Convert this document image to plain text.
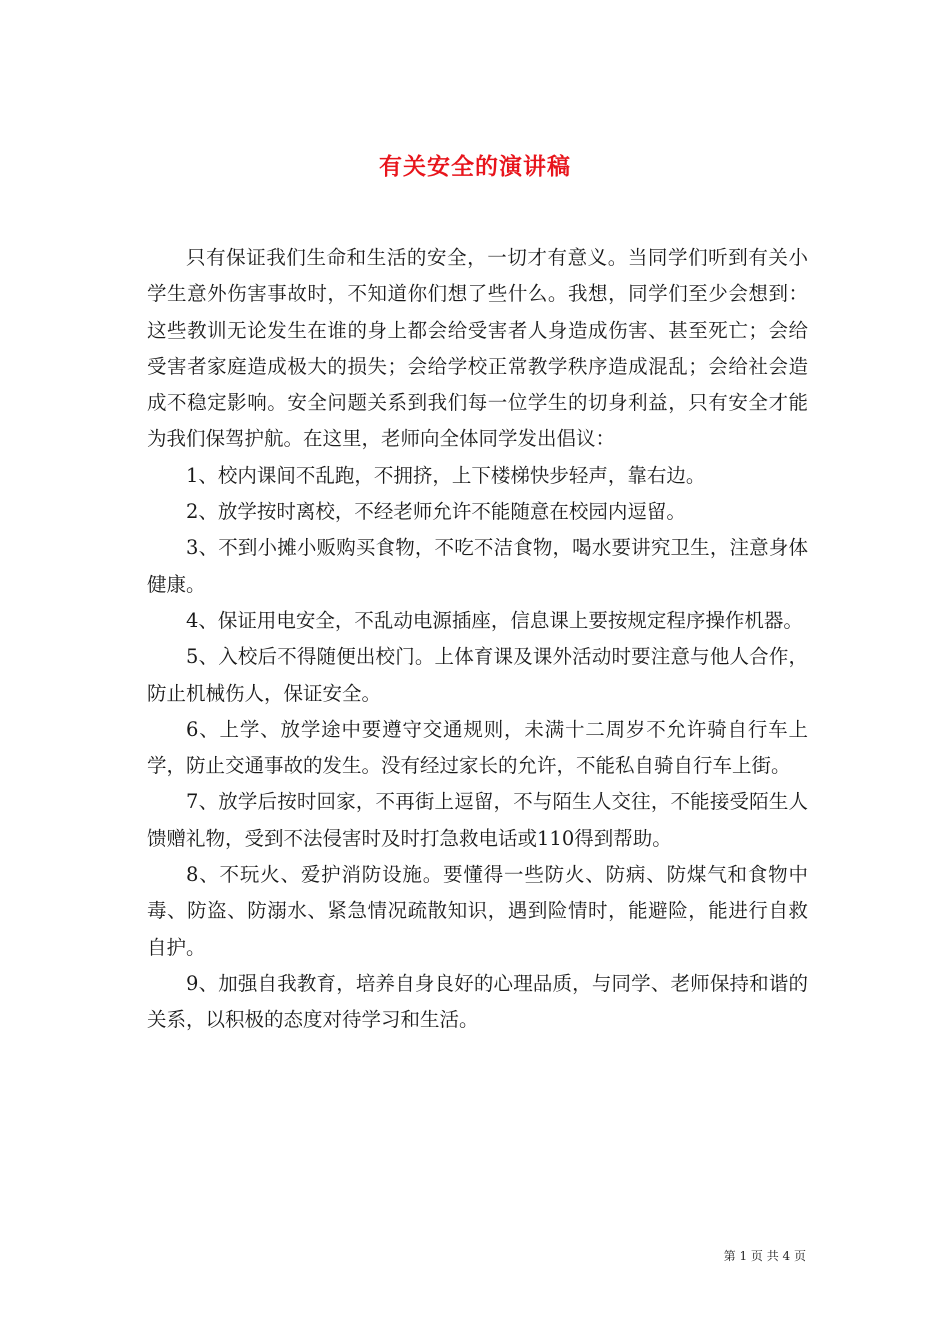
有关安全的演讲稿

只有保证我们生命和生活的安全，一切才有意义。当同学们听到有关小学生意外伤害事故时，不知道你们想了些什么。我想，同学们至少会想到：这些教训无论发生在谁的身上都会给受害者人身造成伤害、甚至死亡；会给受害者家庭造成极大的损失；会给学校正常教学秩序造成混乱；会给社会造成不稳定影响。安全问题关系到我们每一位学生的切身利益，只有安全才能为我们保驾护航。在这里，老师向全体同学发出倡议：

1、校内课间不乱跑，不拥挤，上下楼梯快步轻声，靠右边。

2、放学按时离校，不经老师允许不能随意在校园内逗留。

3、不到小摊小贩购买食物，不吃不洁食物，喝水要讲究卫生，注意身体健康。

4、保证用电安全，不乱动电源插座，信息课上要按规定程序操作机器。

5、入校后不得随便出校门。上体育课及课外活动时要注意与他人合作，防止机械伤人，保证安全。

6、上学、放学途中要遵守交通规则，未满十二周岁不允许骑自行车上学，防止交通事故的发生。没有经过家长的允许，不能私自骑自行车上街。

7、放学后按时回家，不再街上逗留，不与陌生人交往，不能接受陌生人馈赠礼物，受到不法侵害时及时打急救电话或110得到帮助。

8、不玩火、爱护消防设施。要懂得一些防火、防病、防煤气和食物中毒、防盗、防溺水、紧急情况疏散知识，遇到险情时，能避险，能进行自救自护。

9、加强自我教育，培养自身良好的心理品质，与同学、老师保持和谐的关系，以积极的态度对待学习和生活。

第 1 页 共 4 页
